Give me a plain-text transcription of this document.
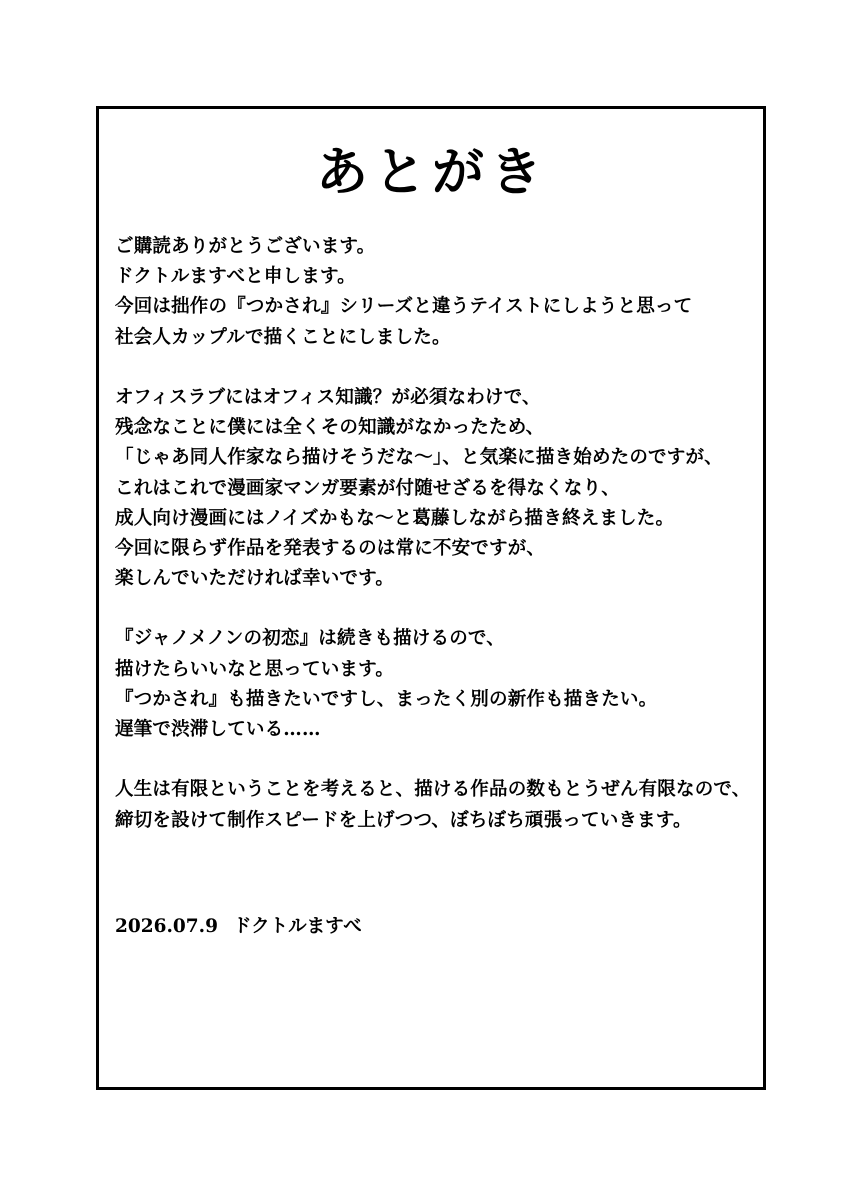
あとがき
ご購読ありがとうございます。
ドクトルますべと申します。
今回は拙作の『つかされ』シリーズと違うテイストにしようと思って
社会人カップルで描くことにしました。
オフィスラブにはオフィス知識？が必須なわけで、
残念なことに僕には全くその知識がなかったため、
「じゃあ同人作家なら描けそうだな～」、と気楽に描き始めたのですが、
これはこれで漫画家マンガ要素が付随せざるを得なくなり、
成人向け漫画にはノイズかもな～と葛藤しながら描き終えました。
今回に限らず作品を発表するのは常に不安ですが、
楽しんでいただければ幸いです。
『ジャノメノンの初恋』は続きも描けるので、
描けたらいいなと思っています。
『つかされ』も描きたいですし、まったく別の新作も描きたい。
遅筆で渋滞している……
人生は有限ということを考えると、描ける作品の数もとうぜん有限なので、
締切を設けて制作スピードを上げつつ、ぼちぼち頑張っていきます。
2026.07.9 ドクトルますべ
